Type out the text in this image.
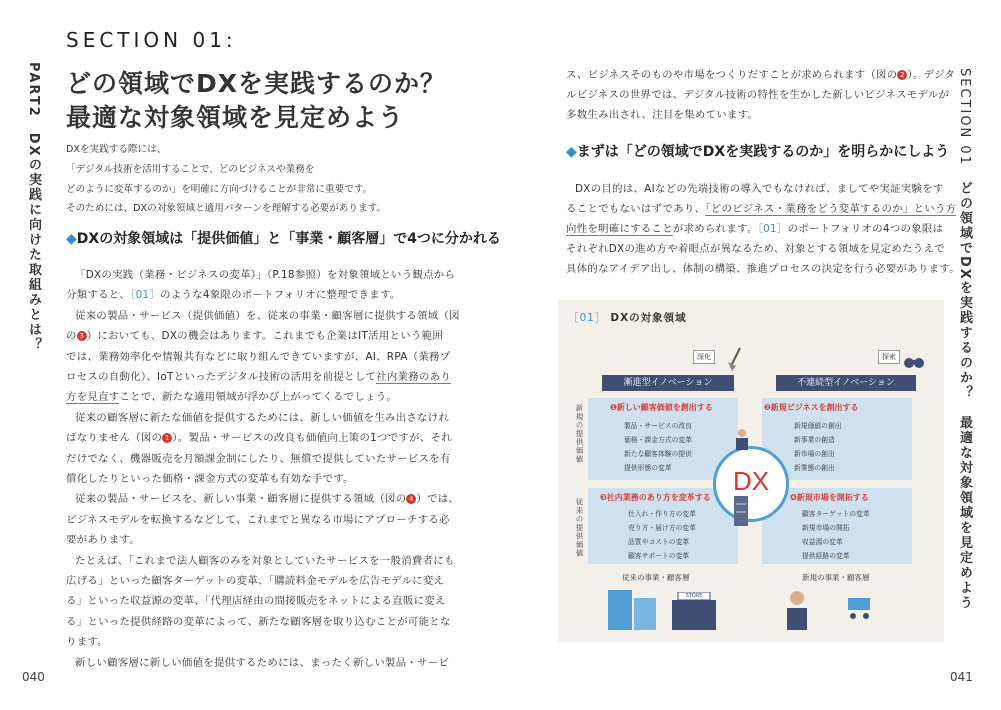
SECTION 01:
PART2　DXの実践に向けた取組みとは？	SECTION 01　どの領域でDXを実践するのか？　最適な対象領域を見定めよう
どの領域でDXを実践するのか？
最適な対象領域を見定めよう
DXを実践する際には、
「デジタル技術を活用することで、どのビジネスや業務を
どのように変革するのか」を明確に方向づけることが非常に重要です。
そのためには、DXの対象領域と適用パターンを理解する必要があります。
◆DXの対象領域は「提供価値」と「事業・顧客層」で4つに分かれる
「DXの実践（業務・ビジネスの変革）」（P.18参照）を対象領域という観点から
分類すると、［01］のような4象限のポートフォリオに整理できます。
従来の製品・サービス（提供価値）を、従来の事業・顧客層に提供する領域（図
の 3 ）においても、DXの機会はあります。これまでも企業はIT活用という範囲
では、業務効率化や情報共有などに取り組んできていますが、AI、RPA（業務プ
ロセスの自動化）、IoTといったデジタル技術の活用を前提として社内業務のあり
方を見直すことで、新たな適用領域が浮かび上がってくるでしょう。
従来の顧客層に新たな価値を提供するためには、新しい価値を生み出さなけれ
ばなりません（図の 1 ）。製品・サービスの改良も価値向上策の1つですが、それ
だけでなく、機器販売を月額課金制にしたり、無償で提供していたサービスを有
償化したりといった価格・課金方式の変革も有効な手です。
従来の製品・サービスを、新しい事業・顧客層に提供する領域（図の 4 ）では、
ビジネスモデルを転換するなどして、これまでと異なる市場にアプローチする必
要があります。
たとえば、「これまで法人顧客のみを対象としていたサービスを一般消費者にも
広げる」といった顧客ターゲットの変革、「購読料金モデルを広告モデルに変え
る」といった収益源の変革、「代理店経由の間接販売をネットによる直販に変え
る」といった提供経路の変革によって、新たな顧客層を取り込むことが可能とな
ります。
新しい顧客層に新しい価値を提供するためには、まったく新しい製品・サービ
ス、ビジネスそのものや市場をつくりだすことが求められます（図の 2 ）。デジタ
ルビジネスの世界では、デジタル技術の特性を生かした新しいビジネスモデルが
多数生み出され、注目を集めています。
◆まずは「どの領域でDXを実践するのか」を明らかにしよう
DXの目的は、AIなどの先端技術の導入でもなければ、ましてや実証実験をす
ることでもないはずであり、「どのビジネス・業務をどう変革するのか」という方
向性を明確にすることが求められます。［01］のポートフォリオの4つの象限は
それぞれDXの進め方や着眼点が異なるため、対象とする領域を見定めたうえで
具体的なアイデア出し、体制の構築、推進プロセスの決定を行う必要があります。
［01］ DXの対象領域
深化	探索
漸進型イノベーション	不連続型イノベーション
新規の提供価値
従来の提供価値
❶新しい顧客価値を創出する
製品・サービスの改良
価格・課金方式の変革
新たな顧客体験の提供
提供形態の変革
❷新規ビジネスを創出する
新規価値の創出
新事業の創造
新市場の創出
新業態の創出
❸社内業務のあり方を変革する
仕入れ・作り方の変革
売り方・届け方の変革
品質やコストの変革
顧客サポートの変革
❹新規市場を開拓する
顧客ターゲットの変革
新規市場の開拓
収益源の変革
提供経路の変革
DX
従来の事業・顧客層	新規の事業・顧客層
STORE
040	041
